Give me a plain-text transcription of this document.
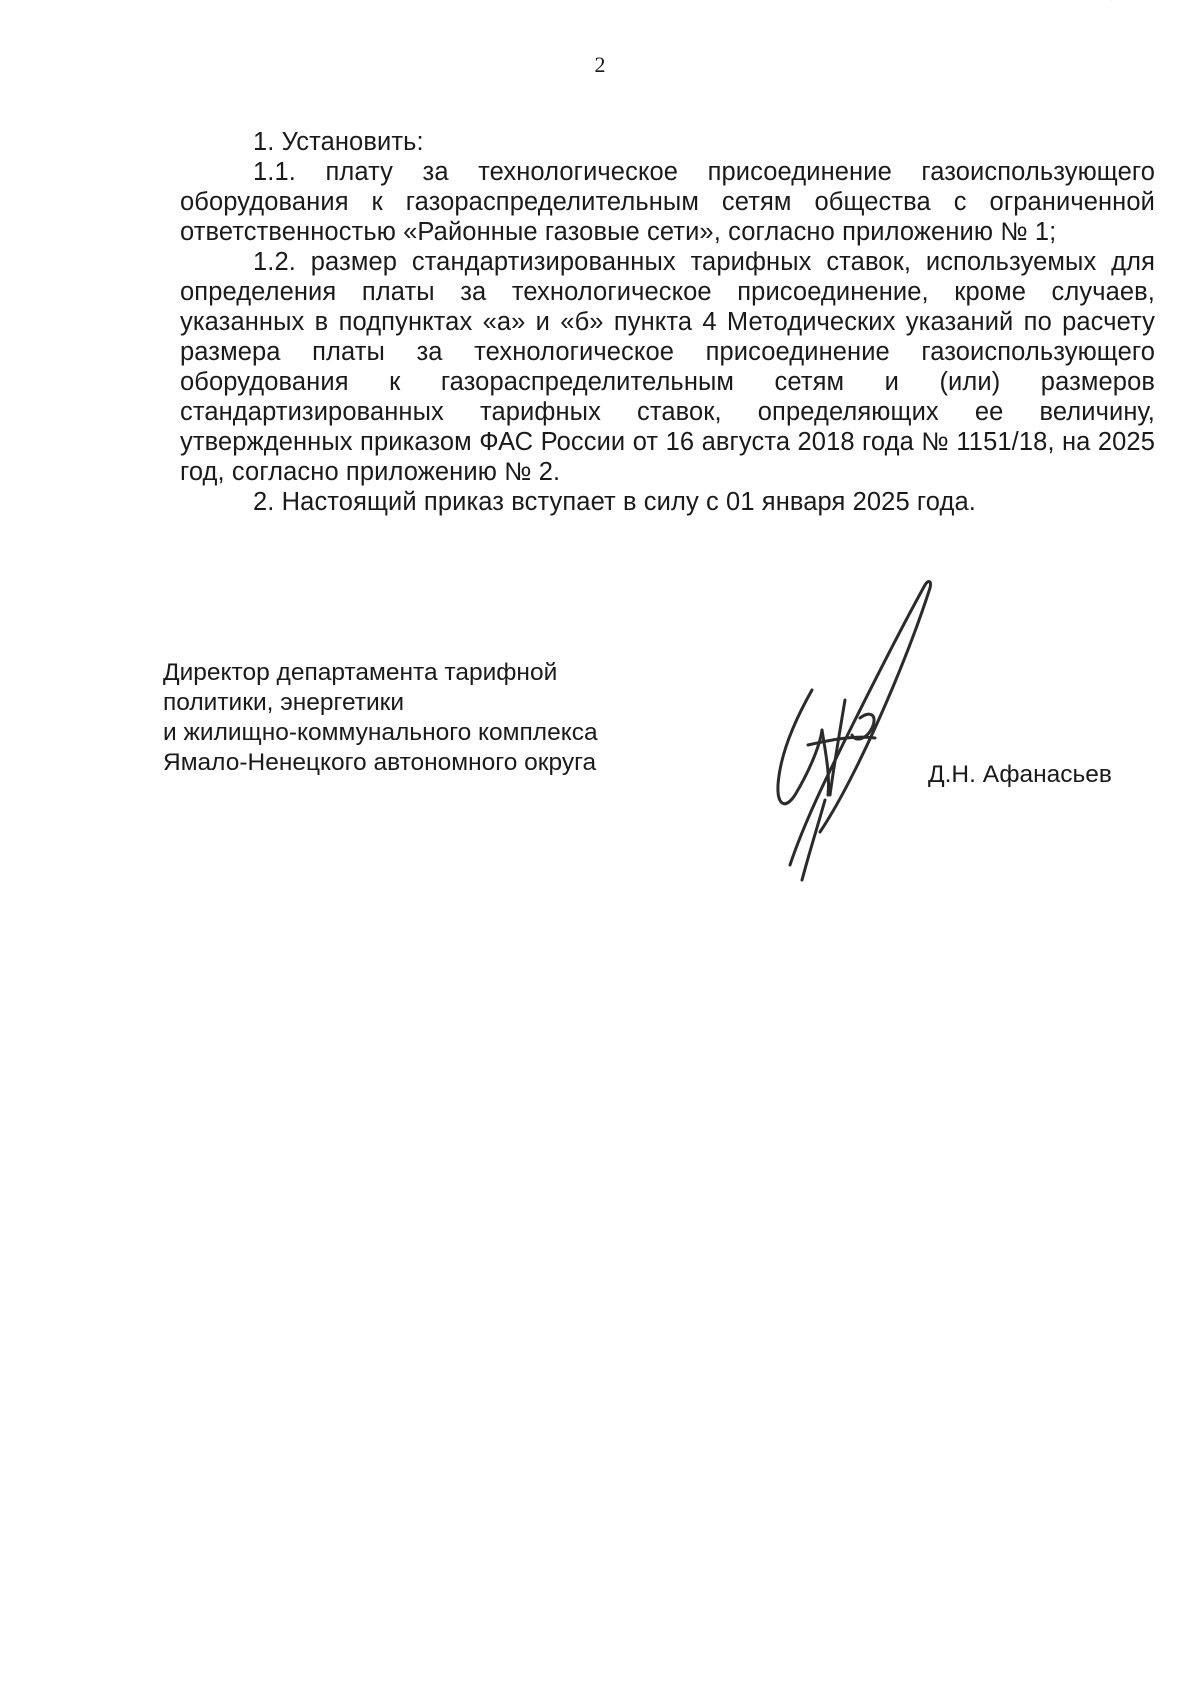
2

1. Установить:

1.1. плату за технологическое присоединение газоиспользующего оборудования к газораспределительным сетям общества с ограниченной ответственностью «Районные газовые сети», согласно приложению № 1;

1.2. размер стандартизированных тарифных ставок, используемых для определения платы за технологическое присоединение, кроме случаев, указанных в подпунктах «а» и «б» пункта 4 Методических указаний по расчету размера платы за технологическое присоединение газоиспользующего оборудования к газораспределительным сетям и (или) размеров стандартизированных тарифных ставок, определяющих ее величину, утвержденных приказом ФАС России от 16 августа 2018 года № 1151/18, на 2025 год, согласно приложению № 2.

2. Настоящий приказ вступает в силу с 01 января 2025 года.

Директор департамента тарифной
политики, энергетики
и жилищно-коммунального комплекса
Ямало-Ненецкого автономного округа	Д.Н. Афанасьев
